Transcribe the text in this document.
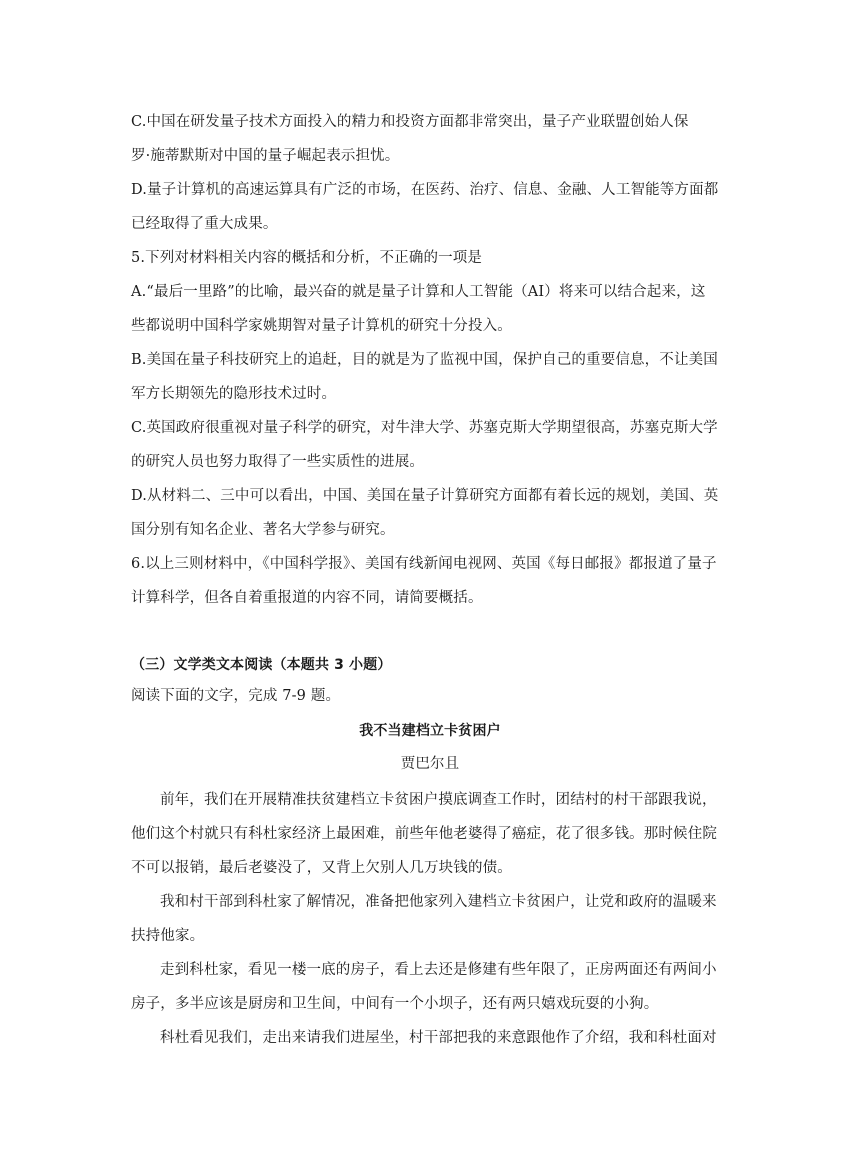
C.中国在研发量子技术方面投入的精力和投资方面都非常突出，量子产业联盟创始人保
罗·施蒂默斯对中国的量子崛起表示担忧。
D.量子计算机的高速运算具有广泛的市场，在医药、治疗、信息、金融、人工智能等方面都
已经取得了重大成果。
5.下列对材料相关内容的概括和分析，不正确的一项是
A.“最后一里路”的比喻，最兴奋的就是量子计算和人工智能（AI）将来可以结合起来，这
些都说明中国科学家姚期智对量子计算机的研究十分投入。
B.美国在量子科技研究上的追赶，目的就是为了监视中国，保护自己的重要信息，不让美国
军方长期领先的隐形技术过时。
C.英国政府很重视对量子科学的研究，对牛津大学、苏塞克斯大学期望很高，苏塞克斯大学
的研究人员也努力取得了一些实质性的进展。
D.从材料二、三中可以看出，中国、美国在量子计算研究方面都有着长远的规划，美国、英
国分别有知名企业、著名大学参与研究。
6.以上三则材料中，《中国科学报》、美国有线新闻电视网、英国《每日邮报》都报道了量子
计算科学，但各自着重报道的内容不同，请简要概括。
（三）文学类文本阅读（本题共 3 小题）
阅读下面的文字，完成 7-9 题。
我不当建档立卡贫困户
贾巴尔且
前年，我们在开展精准扶贫建档立卡贫困户摸底调查工作时，团结村的村干部跟我说，
他们这个村就只有科杜家经济上最困难，前些年他老婆得了癌症，花了很多钱。那时候住院
不可以报销，最后老婆没了，又背上欠别人几万块钱的债。
我和村干部到科杜家了解情况，准备把他家列入建档立卡贫困户，让党和政府的温暖来
扶持他家。
走到科杜家，看见一楼一底的房子，看上去还是修建有些年限了，正房两面还有两间小
房子，多半应该是厨房和卫生间，中间有一个小坝子，还有两只嬉戏玩耍的小狗。
科杜看见我们，走出来请我们进屋坐，村干部把我的来意跟他作了介绍，我和科杜面对
